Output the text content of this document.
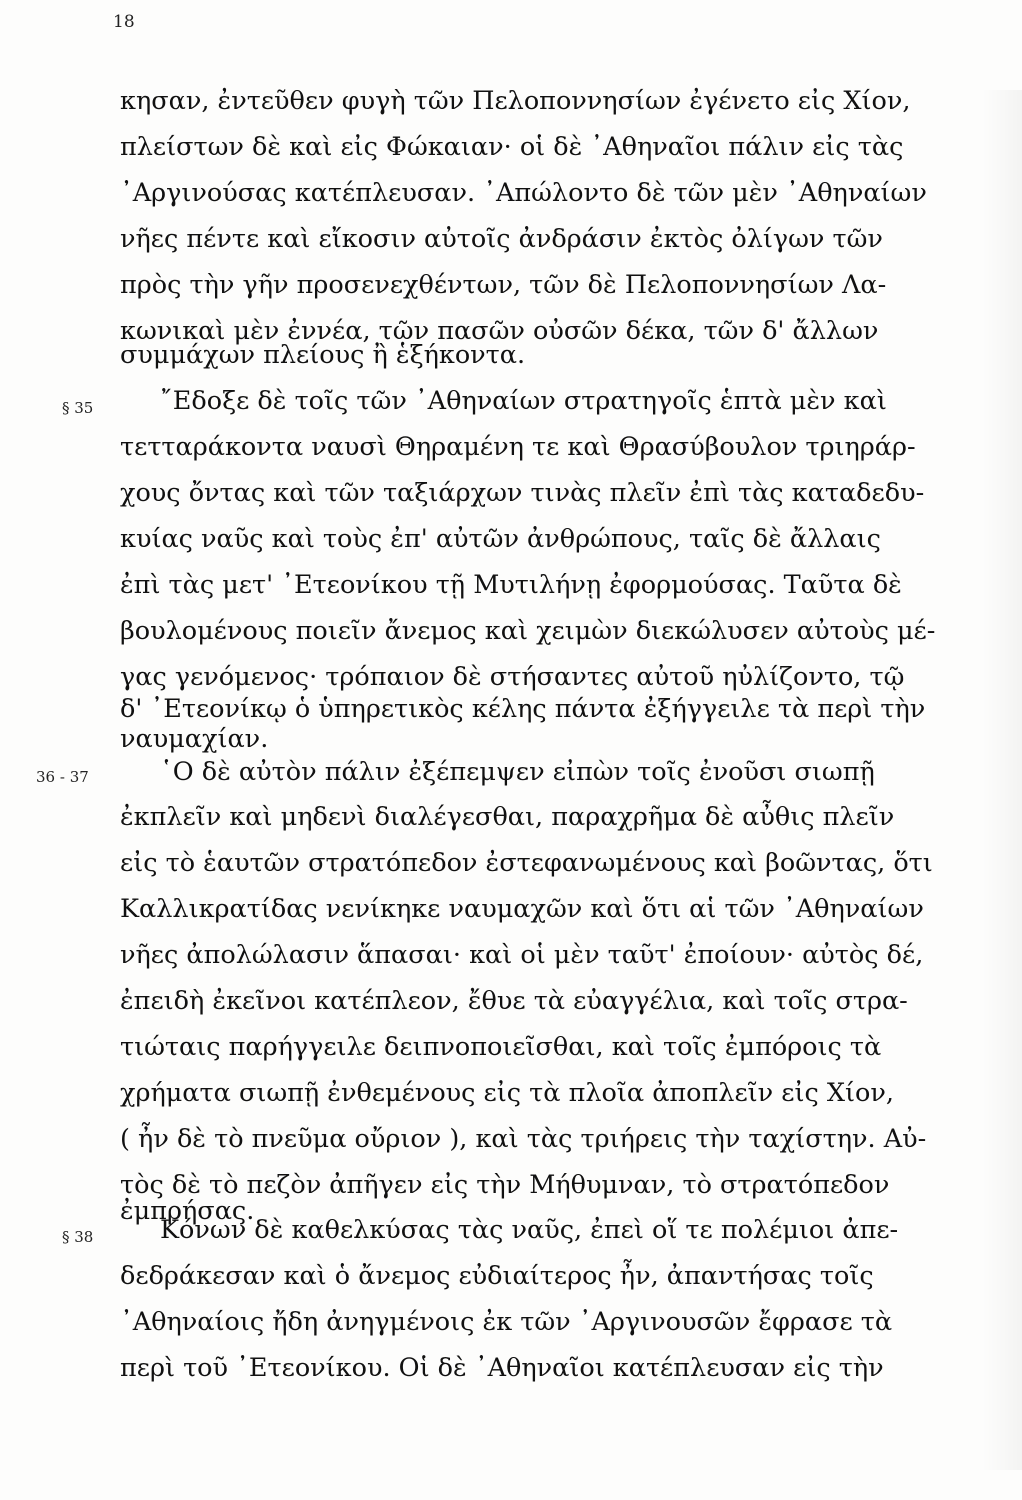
18

§ 35

36 - 37

§ 38

κησαν, ἐντεῦθεν φυγὴ τῶν Πελοποννησίων ἐγένετο εἰς Χίον,

πλείστων δὲ καὶ εἰς Φώκαιαν· οἱ δὲ ᾿Αθηναῖοι πάλιν εἰς τὰς

᾿Αργινούσας κατέπλευσαν. ᾿Απώλοντο δὲ τῶν μὲν ᾿Αθηναίων

νῆες πέντε καὶ εἴκοσιν αὐτοῖς ἀνδράσιν ἐκτὸς ὀλίγων τῶν

πρὸς τὴν γῆν προσενεχθέντων, τῶν δὲ Πελοποννησίων Λα-

κωνικαὶ μὲν ἐννέα, τῶν πασῶν οὐσῶν δέκα, τῶν δ' ἄλλων

συμμάχων πλείους ἢ ἑξήκοντα.

῎Εδοξε δὲ τοῖς τῶν ᾿Αθηναίων στρατηγοῖς ἑπτὰ μὲν καὶ

τετταράκοντα ναυσὶ Θηραμένη τε καὶ Θρασύβουλον τριηράρ-

χους ὄντας καὶ τῶν ταξιάρχων τινὰς πλεῖν ἐπὶ τὰς καταδεδυ-

κυίας ναῦς καὶ τοὺς ἐπ' αὐτῶν ἀνθρώπους, ταῖς δὲ ἄλλαις

ἐπὶ τὰς μετ' ᾿Ετεονίκου τῇ Μυτιλήνῃ ἐφορμούσας. Ταῦτα δὲ

βουλομένους ποιεῖν ἄνεμος καὶ χειμὼν διεκώλυσεν αὐτοὺς μέ-

γας γενόμενος· τρόπαιον δὲ στήσαντες αὐτοῦ ηὐλίζοντο, τῷ

δ' ᾿Ετεονίκῳ ὁ ὑπηρετικὸς κέλης πάντα ἐξήγγειλε τὰ περὶ τὴν

ναυμαχίαν.

῾Ο δὲ αὐτὸν πάλιν ἐξέπεμψεν εἰπὼν τοῖς ἐνοῦσι σιωπῇ

ἐκπλεῖν καὶ μηδενὶ διαλέγεσθαι, παραχρῆμα δὲ αὖθις πλεῖν

εἰς τὸ ἑαυτῶν στρατόπεδον ἐστεφανωμένους καὶ βοῶντας, ὅτι

Καλλικρατίδας νενίκηκε ναυμαχῶν καὶ ὅτι αἱ τῶν ᾿Αθηναίων

νῆες ἀπολώλασιν ἅπασαι· καὶ οἱ μὲν ταῦτ' ἐποίουν· αὐτὸς δέ,

ἐπειδὴ ἐκεῖνοι κατέπλεον, ἔθυε τὰ εὐαγγέλια, καὶ τοῖς στρα-

τιώταις παρήγγειλε δειπνοποιεῖσθαι, καὶ τοῖς ἐμπόροις τὰ

χρήματα σιωπῇ ἐνθεμένους εἰς τὰ πλοῖα ἀποπλεῖν εἰς Χίον,

( ἦν δὲ τὸ πνεῦμα οὔριον ), καὶ τὰς τριήρεις τὴν ταχίστην. Αὐ-

τὸς δὲ τὸ πεζὸν ἀπῆγεν εἰς τὴν Μήθυμναν, τὸ στρατόπεδον

ἐμπρήσας.

Κόνων δὲ καθελκύσας τὰς ναῦς, ἐπεὶ οἵ τε πολέμιοι ἀπε-

δεδράκεσαν καὶ ὁ ἄνεμος εὐδιαίτερος ἦν, ἀπαντήσας τοῖς

᾿Αθηναίοις ἤδη ἀνηγμένοις ἐκ τῶν ᾿Αργινουσῶν ἔφρασε τὰ

περὶ τοῦ ᾿Ετεονίκου. Οἱ δὲ ᾿Αθηναῖοι κατέπλευσαν εἰς τὴν
